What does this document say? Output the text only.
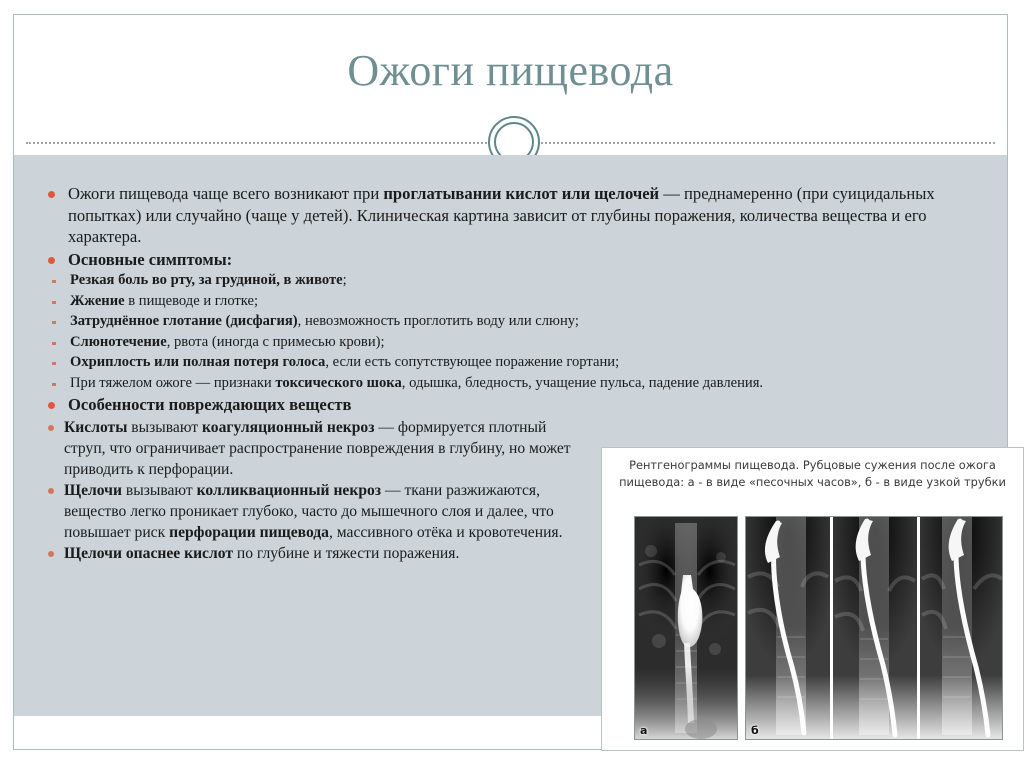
Ожоги пищевода
Ожоги пищевода чаще всего возникают при проглатывании кислот или щелочей — преднамеренно (при суицидальных попытках) или случайно (чаще у детей). Клиническая картина зависит от глубины поражения, количества вещества и его характера.
Основные симптомы:
Резкая боль во рту, за грудиной, в животе;
Жжение в пищеводе и глотке;
Затруднённое глотание (дисфагия), невозможность проглотить воду или слюну;
Слюнотечение, рвота (иногда с примесью крови);
Охриплость или полная потеря голоса, если есть сопутствующее поражение гортани;
При тяжелом ожоге — признаки токсического шока, одышка, бледность, учащение пульса, падение давления.
Особенности повреждающих веществ
Кислоты вызывают коагуляционный некроз — формируется плотный струп, что ограничивает распространение повреждения в глубину, но может приводить к перфорации.
Щелочи вызывают колликвационный некроз — ткани разжижаются, вещество легко проникает глубоко, часто до мышечного слоя и далее, что повышает риск перфорации пищевода, массивного отёка и кровотечения.
Щелочи опаснее кислот по глубине и тяжести поражения.
Рентгенограммы пищевода. Рубцовые сужения после ожога пищевода: а - в виде «песочных часов», б - в виде узкой трубки
а	б
